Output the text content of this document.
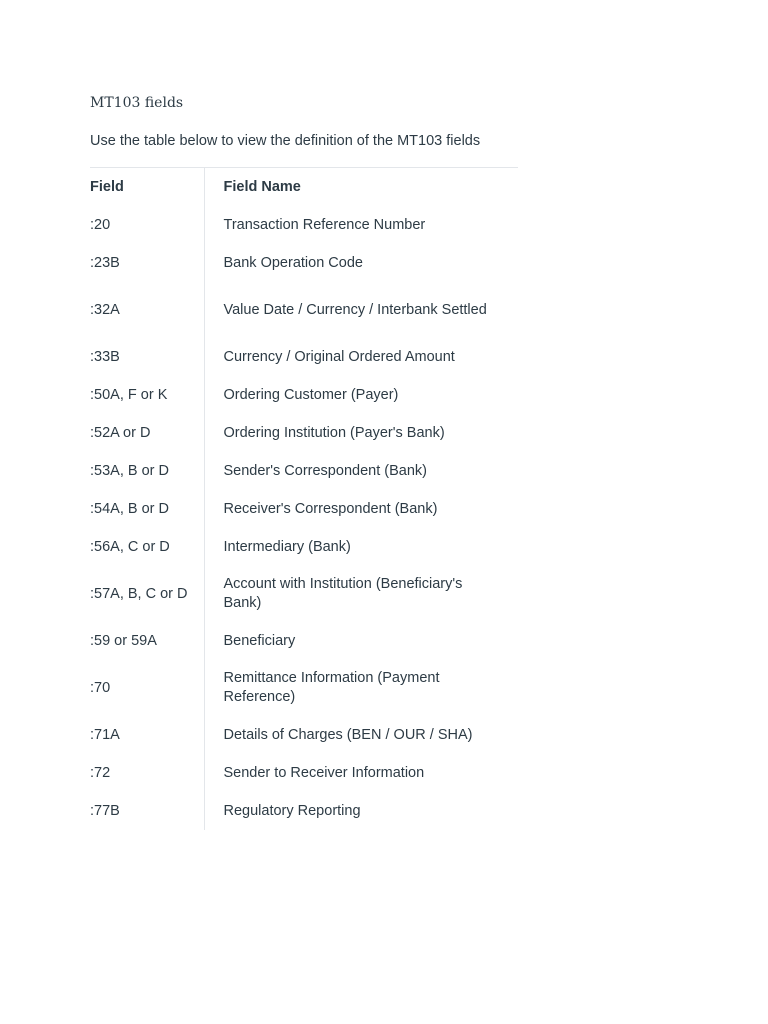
MT103 fields

Use the table below to view the definition of the MT103 fields

Field	Field Name
:20	Transaction Reference Number
:23B	Bank Operation Code
:32A	Value Date / Currency / Interbank Settled
:33B	Currency / Original Ordered Amount
:50A, F or K	Ordering Customer (Payer)
:52A or D	Ordering Institution (Payer's Bank)
:53A, B or D	Sender's Correspondent (Bank)
:54A, B or D	Receiver's Correspondent (Bank)
:56A, C or D	Intermediary (Bank)
:57A, B, C or D	Account with Institution (Beneficiary's Bank)
:59 or 59A	Beneficiary
:70	Remittance Information (Payment Reference)
:71A	Details of Charges (BEN / OUR / SHA)
:72	Sender to Receiver Information
:77B	Regulatory Reporting
